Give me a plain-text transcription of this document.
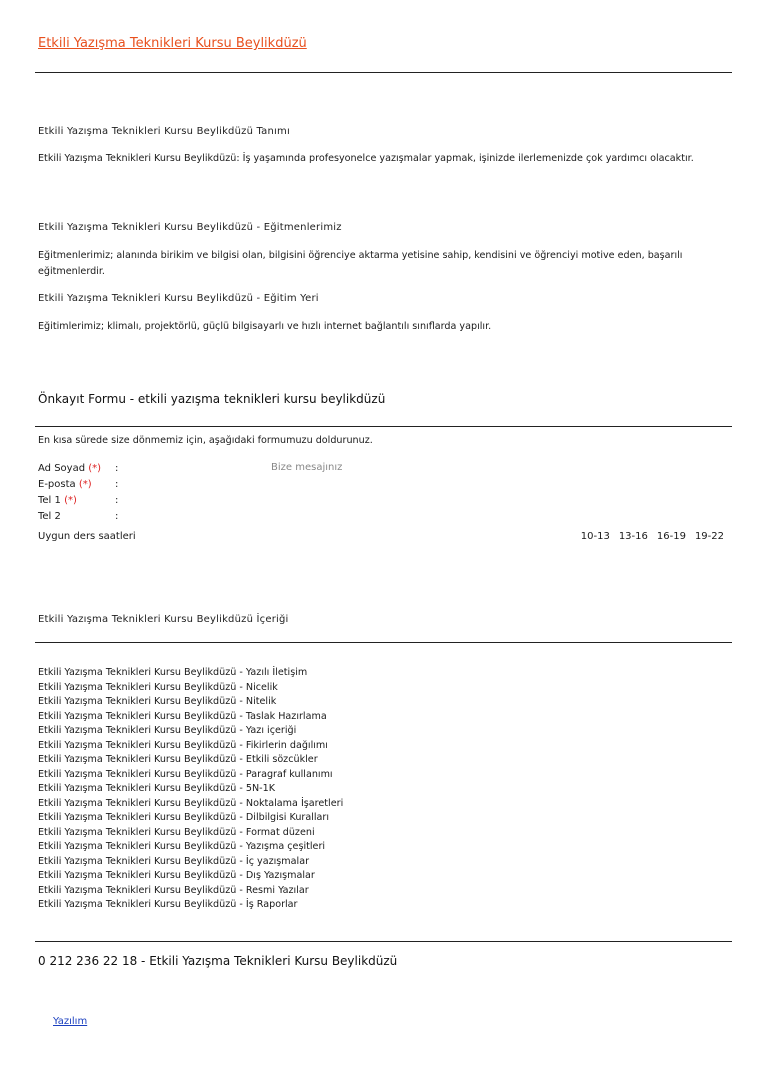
Etkili Yazışma Teknikleri Kursu Beylikdüzü
Etkili Yazışma Teknikleri Kursu Beylikdüzü Tanımı
Etkili Yazışma Teknikleri Kursu Beylikdüzü: İş yaşamında profesyonelce yazışmalar yapmak, işinizde ilerlemenizde çok yardımcı olacaktır.
Etkili Yazışma Teknikleri Kursu Beylikdüzü - Eğitmenlerimiz
Eğitmenlerimiz; alanında birikim ve bilgisi olan, bilgisini öğrenciye aktarma yetisine sahip, kendisini ve öğrenciyi motive eden, başarılı eğitmenlerdir.
Etkili Yazışma Teknikleri Kursu Beylikdüzü - Eğitim Yeri
Eğitimlerimiz; klimalı, projektörlü, güçlü bilgisayarlı ve hızlı internet bağlantılı sınıflarda yapılır.
Önkayıt Formu - etkili yazışma teknikleri kursu beylikdüzü
En kısa sürede size dönmemiz için, aşağıdaki formumuzu doldurunuz.
Ad Soyad (*) :
E-posta (*) :
Tel 1 (*)	:
Tel 2	:
Bize mesajınız
Uygun ders saatleri	10-13 13-16 16-19 19-22
Etkili Yazışma Teknikleri Kursu Beylikdüzü İçeriği
Etkili Yazışma Teknikleri Kursu Beylikdüzü - Yazılı İletişim
Etkili Yazışma Teknikleri Kursu Beylikdüzü - Nicelik
Etkili Yazışma Teknikleri Kursu Beylikdüzü - Nitelik
Etkili Yazışma Teknikleri Kursu Beylikdüzü - Taslak Hazırlama
Etkili Yazışma Teknikleri Kursu Beylikdüzü - Yazı içeriği
Etkili Yazışma Teknikleri Kursu Beylikdüzü - Fikirlerin dağılımı
Etkili Yazışma Teknikleri Kursu Beylikdüzü - Etkili sözcükler
Etkili Yazışma Teknikleri Kursu Beylikdüzü - Paragraf kullanımı
Etkili Yazışma Teknikleri Kursu Beylikdüzü - 5N-1K
Etkili Yazışma Teknikleri Kursu Beylikdüzü - Noktalama İşaretleri
Etkili Yazışma Teknikleri Kursu Beylikdüzü - Dilbilgisi Kuralları
Etkili Yazışma Teknikleri Kursu Beylikdüzü - Format düzeni
Etkili Yazışma Teknikleri Kursu Beylikdüzü - Yazışma çeşitleri
Etkili Yazışma Teknikleri Kursu Beylikdüzü - İç yazışmalar
Etkili Yazışma Teknikleri Kursu Beylikdüzü - Dış Yazışmalar
Etkili Yazışma Teknikleri Kursu Beylikdüzü - Resmi Yazılar
Etkili Yazışma Teknikleri Kursu Beylikdüzü - İş Raporlar
0 212 236 22 18 - Etkili Yazışma Teknikleri Kursu Beylikdüzü
Yazılım
